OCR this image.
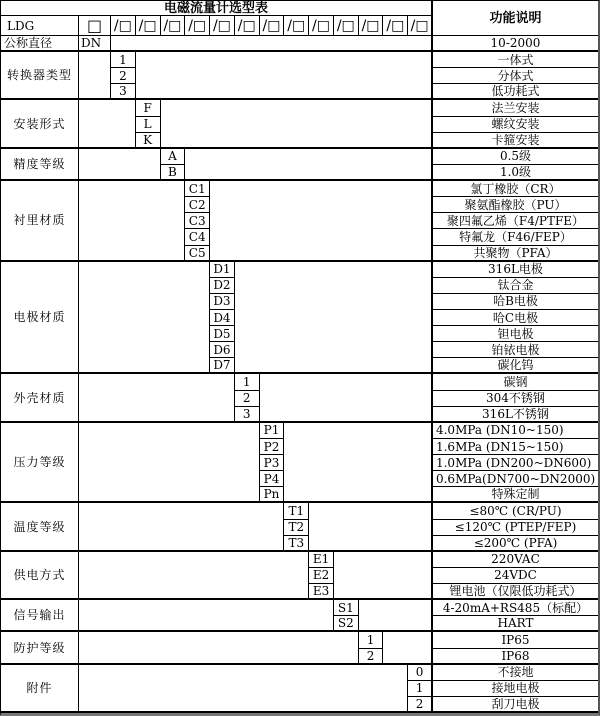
电磁流量计选型表
功能说明
LDG	□
公称直径	DN	10-2000
/□ /□ /□ /□ /□ /□ /□ /□ /□ /□ /□ /□ /□
转换器类型
1	一体式
2	分体式
3	低功耗式
安装形式
F	法兰安装
L	螺纹安装
K	卡箍安装
精度等级
A	0.5级
B	1.0级
衬里材质
C1	氯丁橡胶（CR）
C2	聚氨酯橡胶（PU）
C3	聚四氟乙烯（F4/PTFE）
C4	特氟龙（F46/FEP）
C5	共聚物（PFA）
电极材质
D1	316L电极
D2	钛合金
D3	哈B电极
D4	哈C电极
D5	钽电极
D6	铂铱电极
D7	碳化钨
外壳材质
1	碳钢
2	304不锈钢
3	316L不锈钢
压力等级
P1	4.0MPa (DN10~150)
P2	1.6MPa (DN15~150)
P3	1.0MPa (DN200~DN600)
P4	0.6MPa(DN700~DN2000)
Pn	特殊定制
温度等级
T1	≤80℃ (CR/PU)
T2	≤120℃ (PTEP/FEP)
T3	≤200℃ (PFA)
供电方式
E1	220VAC
E2	24VDC
E3	锂电池（仅限低功耗式）
信号输出
S1	4-20mA+RS485（标配）
S2	HART
防护等级
1	IP65
2	IP68
附件
0	不接地
1	接地电极
2	刮刀电极
